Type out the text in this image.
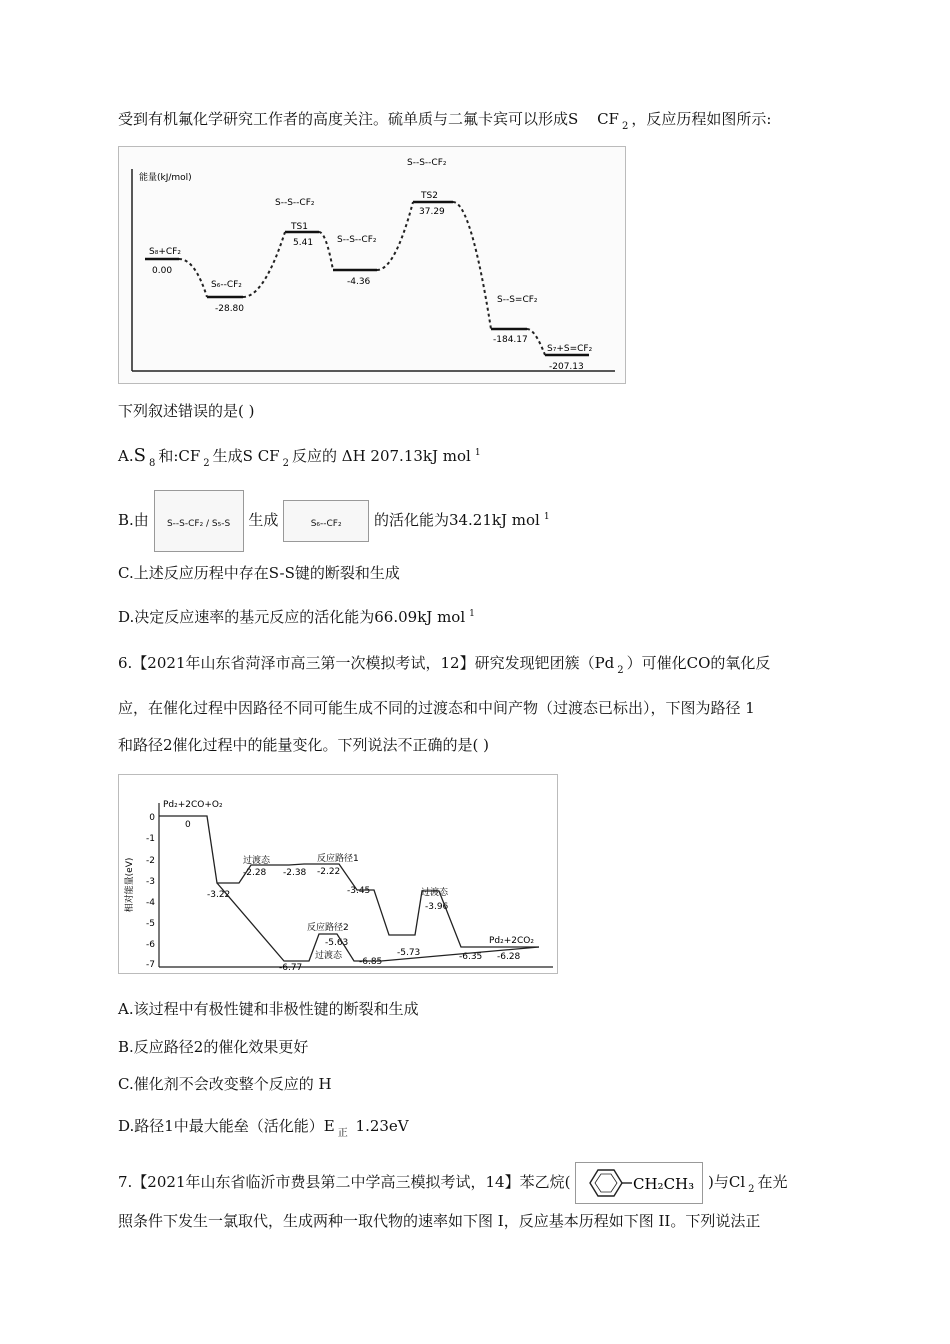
受到有机氟化学研究工作者的高度关注。硫单质与二氟卡宾可以形成S CF $_2$ ，反应历程如图所示:
能量(kJ/mol)
S₈+CF₂
0.00
S₆--CF₂
-28.80
S--S--CF₂
TS1
5.41	S--S--CF₂
-4.36
S--S--CF₂
TS2
37.29
S--S=CF₂
-184.17
S₇+S=CF₂
-207.13
下列叙述错误的是( )
A.S $_8$ 和:CF $_2$ 生成S CF $_2$ 反应的 ΔH 207.13kJ mol $^1$
B.由 S--S-CF₂ / S₅-S 生成	S₆--CF₂ 的活化能为34.21kJ mol $^1$
C.上述反应历程中存在S-S键的断裂和生成
D.决定反应速率的基元反应的活化能为66.09kJ mol $^1$
6.【2021年山东省菏泽市高三第一次模拟考试，12】研究发现钯团簇（Pd $_2$ ）可催化CO的氧化反
应，在催化过程中因路径不同可能生成不同的过渡态和中间产物（过渡态已标出），下图为路径 1
和路径2催化过程中的能量变化。下列说法不正确的是( )
相对能量(eV)
0
-1
-2
-3
-4
-5
-6
-7
Pd₂+2CO+O₂
0
-3.22
过渡态
-2.28 -2.38
反应路径1
-2.22
-3.45
-5.73
过渡态
-3.96
-6.35
Pd₂+2CO₂
-6.28
-6.77
反应路径2
-5.63
过渡态
-6.85
A.该过程中有极性键和非极性键的断裂和生成
B.反应路径2的催化效果更好
C.催化剂不会改变整个反应的 H
D.路径1中最大能垒（活化能）E $_正$ 1.23eV
7.【2021年山东省临沂市费县第二中学高三模拟考试，14】苯乙烷(	CH₂CH₃ )与Cl $_2$ 在光
照条件下发生一氯取代，生成两种一取代物的速率如下图 I，反应基本历程如下图 II。下列说法正
